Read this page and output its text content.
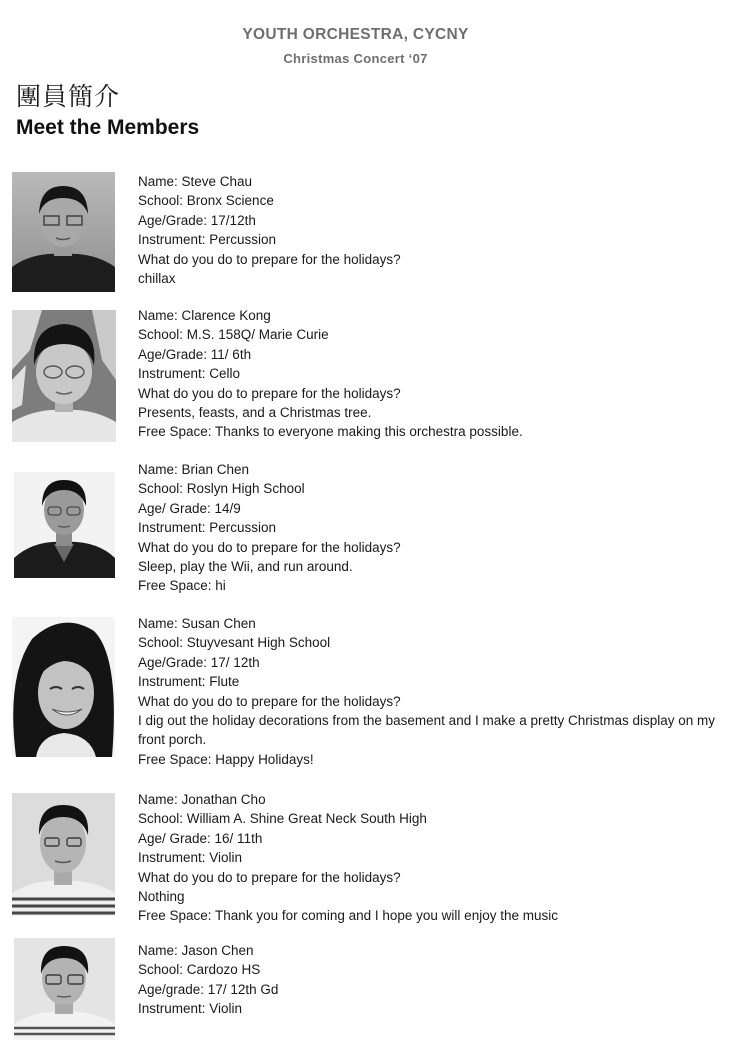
YOUTH ORCHESTRA, CYCNY
Christmas Concert ‘07
團員簡介
Meet the Members
Name: Steve Chau
School: Bronx Science
Age/Grade: 17/12th
Instrument: Percussion
What do you do to prepare for the holidays?
chillax
Name: Clarence Kong
School: M.S. 158Q/ Marie Curie
Age/Grade: 11/ 6th
Instrument: Cello
What do you do to prepare for the holidays?
Presents, feasts, and a Christmas tree.
Free Space: Thanks to everyone making this orchestra possible.
Name: Brian Chen
School: Roslyn High School
Age/ Grade: 14/9
Instrument: Percussion
What do you do to prepare for the holidays?
Sleep, play the Wii, and run around.
Free Space: hi
Name: Susan Chen
School: Stuyvesant High School
Age/Grade: 17/ 12th
Instrument: Flute
What do you do to prepare for the holidays?
I dig out the holiday decorations from the basement and I make a pretty Christmas display on my front porch.
Free Space: Happy Holidays!
Name: Jonathan Cho
School: William A. Shine Great Neck South High
Age/ Grade: 16/ 11th
Instrument: Violin
What do you do to prepare for the holidays?
Nothing
Free Space: Thank you for coming and I hope you will enjoy the music
Name: Jason Chen
School: Cardozo HS
Age/grade: 17/ 12th Gd
Instrument: Violin
